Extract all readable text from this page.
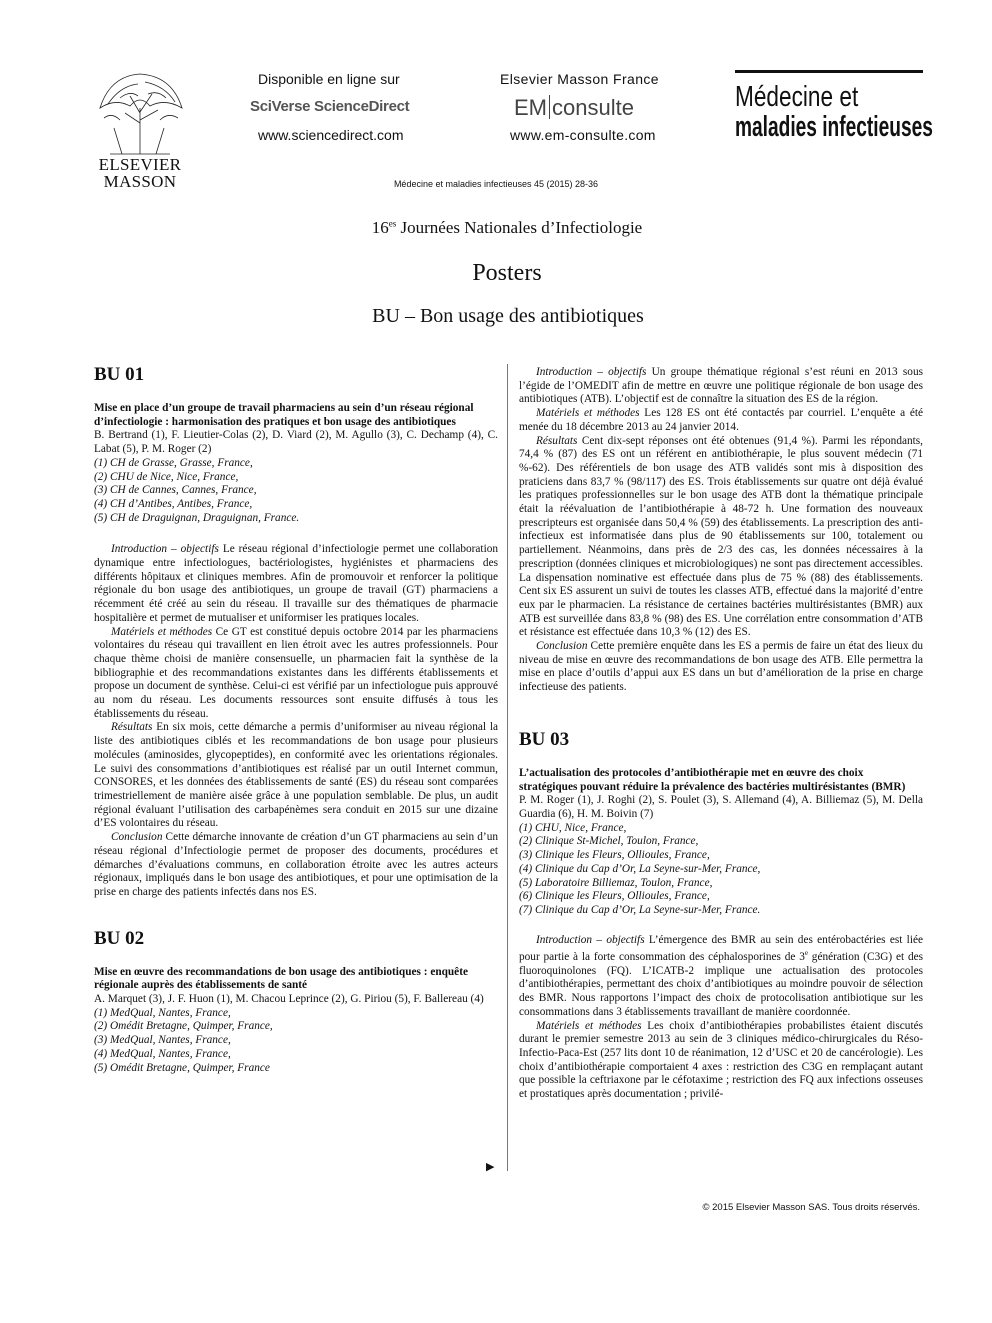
ELSEVIER
MASSON
Disponible en ligne sur
SciVerse ScienceDirect
www.sciencedirect.com
Elsevier Masson France
EM consulte
www.em-consulte.com
Médecine et
maladies infectieuses
Médecine et maladies infectieuses 45 (2015) 28-36
$16^{es}$ Journées Nationales d’Infectiologie
Posters
BU – Bon usage des antibiotiques
BU 01

Mise en place d’un groupe de travail pharmaciens au sein d’un réseau régional d’infectiologie : harmonisation des pratiques et bon usage des antibiotiques

B. Bertrand (1), F. Lieutier-Colas (2), D. Viard (2), M. Agullo (3), C. Dechamp (4), C. Labat (5), P. M. Roger (2)

(1) CH de Grasse, Grasse, France,
(2) CHU de Nice, Nice, France,
(3) CH de Cannes, Cannes, France,
(4) CH d’Antibes, Antibes, France,
(5) CH de Draguignan, Draguignan, France.

Introduction – objectifs Le réseau régional d’infectiologie permet une collaboration dynamique entre infectiologues, bactériologistes, hygiénistes et pharmaciens des différents hôpitaux et cliniques membres. Afin de promouvoir et renforcer la politique régionale du bon usage des antibiotiques, un groupe de travail (GT) pharmaciens a récemment été créé au sein du réseau. Il travaille sur des thématiques de pharmacie hospitalière et permet de mutualiser et uniformiser les pratiques locales.

Matériels et méthodes Ce GT est constitué depuis octobre 2014 par les pharmaciens volontaires du réseau qui travaillent en lien étroit avec les autres professionnels. Pour chaque thème choisi de manière consensuelle, un pharmacien fait la synthèse de la bibliographie et des recommandations existantes dans les différents établissements et propose un document de synthèse. Celui-ci est vérifié par un infectiologue puis approuvé au nom du réseau. Les documents ressources sont ensuite diffusés à tous les établissements du réseau.

Résultats En six mois, cette démarche a permis d’uniformiser au niveau régional la liste des antibiotiques ciblés et les recommandations de bon usage pour plusieurs molécules (aminosides, glycopeptides), en conformité avec les orientations régionales. Le suivi des consommations d’antibiotiques est réalisé par un outil Internet commun, CONSORES, et les données des établissements de santé (ES) du réseau sont comparées trimestriellement de manière aisée grâce à une population semblable. De plus, un audit régional évaluant l’utilisation des carbapénèmes sera conduit en 2015 sur une dizaine d’ES volontaires du réseau.

Conclusion Cette démarche innovante de création d’un GT pharmaciens au sein d’un réseau régional d’Infectiologie permet de proposer des documents, procédures et démarches d’évaluations communs, en collaboration étroite avec les autres acteurs régionaux, impliqués dans le bon usage des antibiotiques, et pour une optimisation de la prise en charge des patients infectés dans nos ES.

BU 02

Mise en œuvre des recommandations de bon usage des antibiotiques : enquête régionale auprès des établissements de santé

A. Marquet (3), J. F. Huon (1), M. Chacou Leprince (2), G. Piriou (5), F. Ballereau (4)

(1) MedQual, Nantes, France,
(2) Omédit Bretagne, Quimper, France,
(3) MedQual, Nantes, France,
(4) MedQual, Nantes, France,
(5) Omédit Bretagne, Quimper, France
▶

Introduction – objectifs Un groupe thématique régional s’est réuni en 2013 sous l’égide de l’OMEDIT afin de mettre en œuvre une politique régionale de bon usage des antibiotiques (ATB). L’objectif est de connaître la situation des ES de la région.

Matériels et méthodes Les 128 ES ont été contactés par courriel. L’enquête a été menée du 18 décembre 2013 au 24 janvier 2014.

Résultats Cent dix-sept réponses ont été obtenues (91,4 %). Parmi les répondants, 74,4 % (87) des ES ont un référent en antibiothérapie, le plus souvent médecin (71 %-62). Des référentiels de bon usage des ATB validés sont mis à disposition des praticiens dans 83,7 % (98/117) des ES. Trois établissements sur quatre ont déjà évalué les pratiques professionnelles sur le bon usage des ATB dont la thématique principale était la réévaluation de l’antibiothérapie à 48-72 h. Une formation des nouveaux prescripteurs est organisée dans 50,4 % (59) des établissements. La prescription des anti-infectieux est informatisée dans plus de 90 établissements sur 100, totalement ou partiellement. Néanmoins, dans près de 2/3 des cas, les données nécessaires à la prescription (données cliniques et microbiologiques) ne sont pas directement accessibles. La dispensation nominative est effectuée dans plus de 75 % (88) des établissements. Cent six ES assurent un suivi de toutes les classes ATB, effectué dans la majorité d’entre eux par le pharmacien. La résistance de certaines bactéries multirésistantes (BMR) aux ATB est surveillée dans 83,8 % (98) des ES. Une corrélation entre consommation d’ATB et résistance est effectuée dans 10,3 % (12) des ES.

Conclusion Cette première enquête dans les ES a permis de faire un état des lieux du niveau de mise en œuvre des recommandations de bon usage des ATB. Elle permettra la mise en place d’outils d’appui aux ES dans un but d’amélioration de la prise en charge infectieuse des patients.

BU 03

L’actualisation des protocoles d’antibiothérapie met en œuvre des choix stratégiques pouvant réduire la prévalence des bactéries multirésistantes (BMR)

P. M. Roger (1), J. Roghi (2), S. Poulet (3), S. Allemand (4), A. Billiemaz (5), M. Della Guardia (6), H. M. Boivin (7)

(1) CHU, Nice, France,
(2) Clinique St-Michel, Toulon, France,
(3) Clinique les Fleurs, Ollioules, France,
(4) Clinique du Cap d’Or, La Seyne-sur-Mer, France,
(5) Laboratoire Billiemaz, Toulon, France,
(6) Clinique les Fleurs, Ollioules, France,
(7) Clinique du Cap d’Or, La Seyne-sur-Mer, France.

Introduction – objectifs L’émergence des BMR au sein des entérobactéries est liée pour partie à la forte consommation des céphalosporines de 3e génération (C3G) et des fluoroquinolones (FQ). L’ICATB-2 implique une actualisation des protocoles d’antibiothérapies, permettant des choix d’antibiotiques au moindre pouvoir de sélection des BMR. Nous rapportons l’impact des choix de protocolisation antibiotique sur les consommations dans 3 établissements travaillant de manière coordonnée.

Matériels et méthodes Les choix d’antibiothérapies probabilistes étaient discutés durant le premier semestre 2013 au sein de 3 cliniques médico-chirurgicales du Réso-Infectio-Paca-Est (257 lits dont 10 de réanimation, 12 d’USC et 20 de cancérologie). Les choix d’antibiothérapie comportaient 4 axes : restriction des C3G en remplaçant autant que possible la ceftriaxone par le céfotaxime ; restriction des FQ aux infections osseuses et prostatiques après documentation ; privilé-

© 2015 Elsevier Masson SAS. Tous droits réservés.
